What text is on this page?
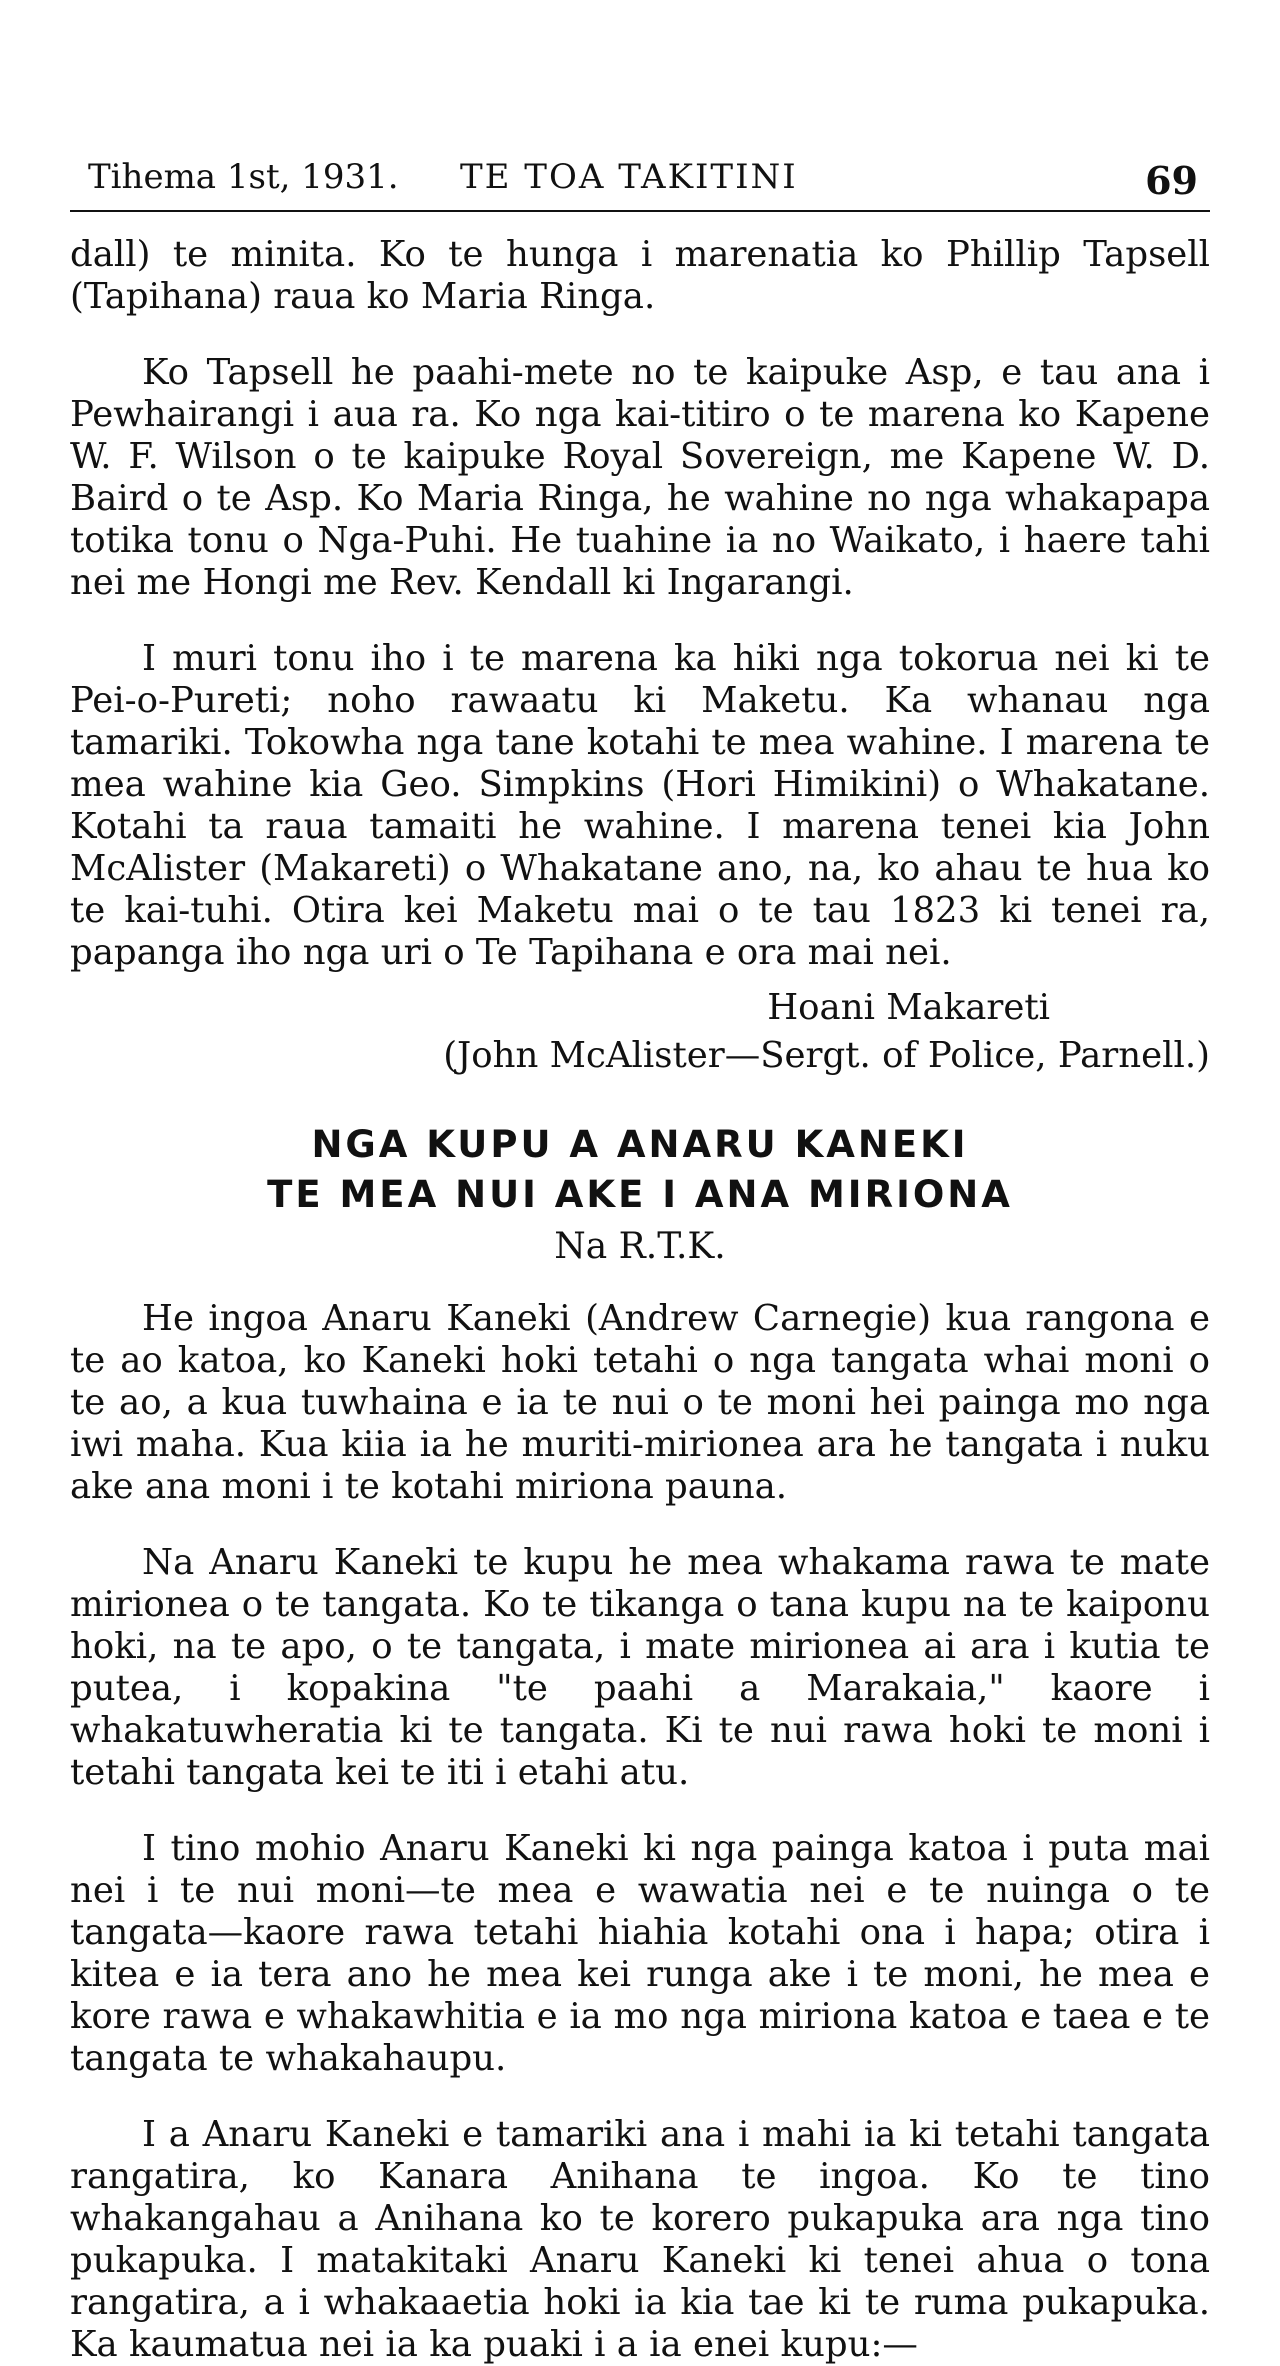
Tihema 1st, 1931. TE TOA TAKITINI	69

dall) te minita. Ko te hunga i marenatia ko Phillip Tapsell (Tapihana) raua ko Maria Ringa.

Ko Tapsell he paahi-mete no te kaipuke Asp, e tau ana i Pewhairangi i aua ra. Ko nga kai-titiro o te marena ko Kapene W. F. Wilson o te kaipuke Royal Sovereign, me Kapene W. D. Baird o te Asp. Ko Maria Ringa, he wahine no nga whakapapa totika tonu o Nga-Puhi. He tuahine ia no Waikato, i haere tahi nei me Hongi me Rev. Kendall ki Ingarangi.

I muri tonu iho i te marena ka hiki nga tokorua nei ki te Pei-o-Pureti; noho rawaatu ki Maketu. Ka whanau nga tamariki. Tokowha nga tane kotahi te mea wahine. I marena te mea wahine kia Geo. Simpkins (Hori Himikini) o Whakatane. Kotahi ta raua tamaiti he wahine. I marena tenei kia John McAlister (Makareti) o Whakatane ano, na, ko ahau te hua ko te kai-tuhi. Otira kei Maketu mai o te tau 1823 ki tenei ra, papanga iho nga uri o Te Tapihana e ora mai nei.

Hoani Makareti
(John McAlister—Sergt. of Police, Parnell.)
NGA KUPU A ANARU KANEKI
TE MEA NUI AKE I ANA MIRIONA
Na R.T.K.

He ingoa Anaru Kaneki (Andrew Carnegie) kua rangona e te ao katoa, ko Kaneki hoki tetahi o nga tangata whai moni o te ao, a kua tuwhaina e ia te nui o te moni hei painga mo nga iwi maha. Kua kiia ia he muriti-mirionea ara he tangata i nuku ake ana moni i te kotahi miriona pauna.

Na Anaru Kaneki te kupu he mea whakama rawa te mate mirionea o te tangata. Ko te tikanga o tana kupu na te kaiponu hoki, na te apo, o te tangata, i mate mirionea ai ara i kutia te putea, i kopakina "te paahi a Marakaia," kaore i whakatuwheratia ki te tangata. Ki te nui rawa hoki te moni i tetahi tangata kei te iti i etahi atu.

I tino mohio Anaru Kaneki ki nga painga katoa i puta mai nei i te nui moni—te mea e wawatia nei e te nuinga o te tangata—kaore rawa tetahi hiahia kotahi ona i hapa; otira i kitea e ia tera ano he mea kei runga ake i te moni, he mea e kore rawa e whakawhitia e ia mo nga miriona katoa e taea e te tangata te whakahaupu.

I a Anaru Kaneki e tamariki ana i mahi ia ki tetahi tangata rangatira, ko Kanara Anihana te ingoa. Ko te tino whakangahau a Anihana ko te korero pukapuka ara nga tino pukapuka. I matakitaki Anaru Kaneki ki tenei ahua o tona rangatira, a i whakaaetia hoki ia kia tae ki te ruma pukapuka. Ka kaumatua nei ia ka puaki i a ia enei kupu:—
